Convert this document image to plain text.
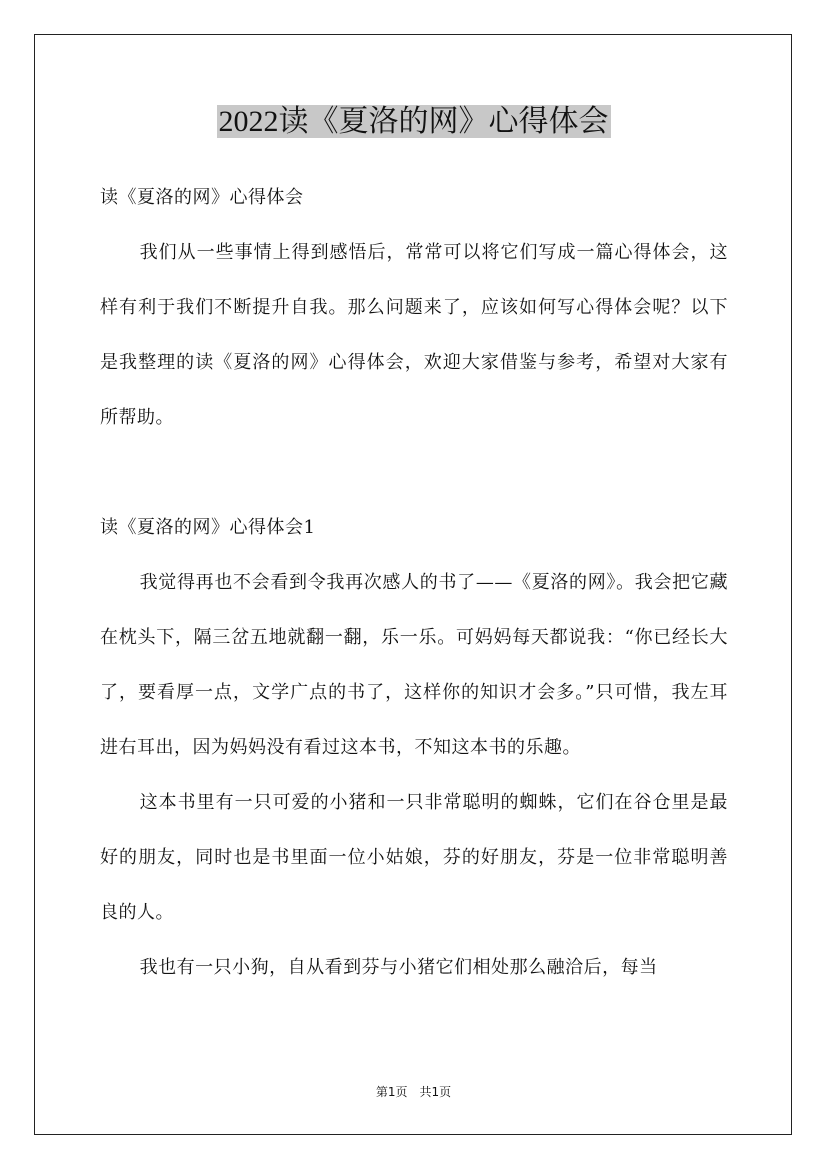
2022读《夏洛的网》心得体会

读《夏洛的网》心得体会

我们从一些事情上得到感悟后，常常可以将它们写成一篇心得体会，这样有利于我们不断提升自我。那么问题来了，应该如何写心得体会呢？以下是我整理的读《夏洛的网》心得体会，欢迎大家借鉴与参考，希望对大家有所帮助。

读《夏洛的网》心得体会1

我觉得再也不会看到令我再次感人的书了——《夏洛的网》。我会把它藏在枕头下，隔三岔五地就翻一翻，乐一乐。可妈妈每天都说我：“你已经长大了，要看厚一点，文学广点的书了，这样你的知识才会多。”只可惜，我左耳进右耳出，因为妈妈没有看过这本书，不知这本书的乐趣。

这本书里有一只可爱的小猪和一只非常聪明的蜘蛛，它们在谷仓里是最好的朋友，同时也是书里面一位小姑娘，芬的好朋友，芬是一位非常聪明善良的人。

我也有一只小狗，自从看到芬与小猪它们相处那么融洽后，每当

第1页　共1页
